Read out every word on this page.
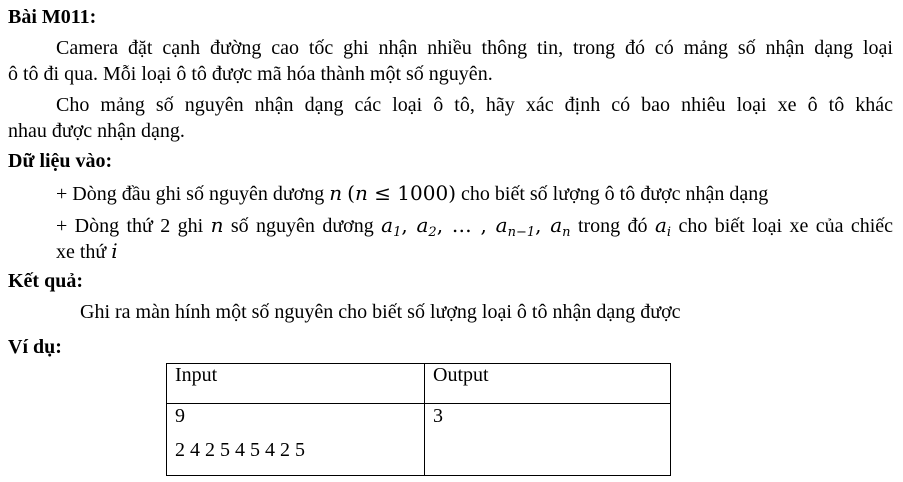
Bài M011:
Camera đặt cạnh đường cao tốc ghi nhận nhiều thông tin, trong đó có mảng số nhận dạng loại
ô tô đi qua. Mỗi loại ô tô được mã hóa thành một số nguyên.
Cho mảng số nguyên nhận dạng các loại ô tô, hãy xác định có bao nhiêu loại xe ô tô khác
nhau được nhận dạng.
Dữ liệu vào:
+ Dòng đầu ghi số nguyên dương n (n ≤ 1000) cho biết số lượng ô tô được nhận dạng
+ Dòng thứ 2 ghi n số nguyên dương $a_1$, $a_2$, … , $a_{n-1}$, $a_n$ trong đó $a_i$ cho biết loại xe của chiếc
xe thứ i
Kết quả:
Ghi ra màn hính một số nguyên cho biết số lượng loại ô tô nhận dạng được
Ví dụ:
Input	Output

9
2 4 2 5 4 5 4 2 5	3
